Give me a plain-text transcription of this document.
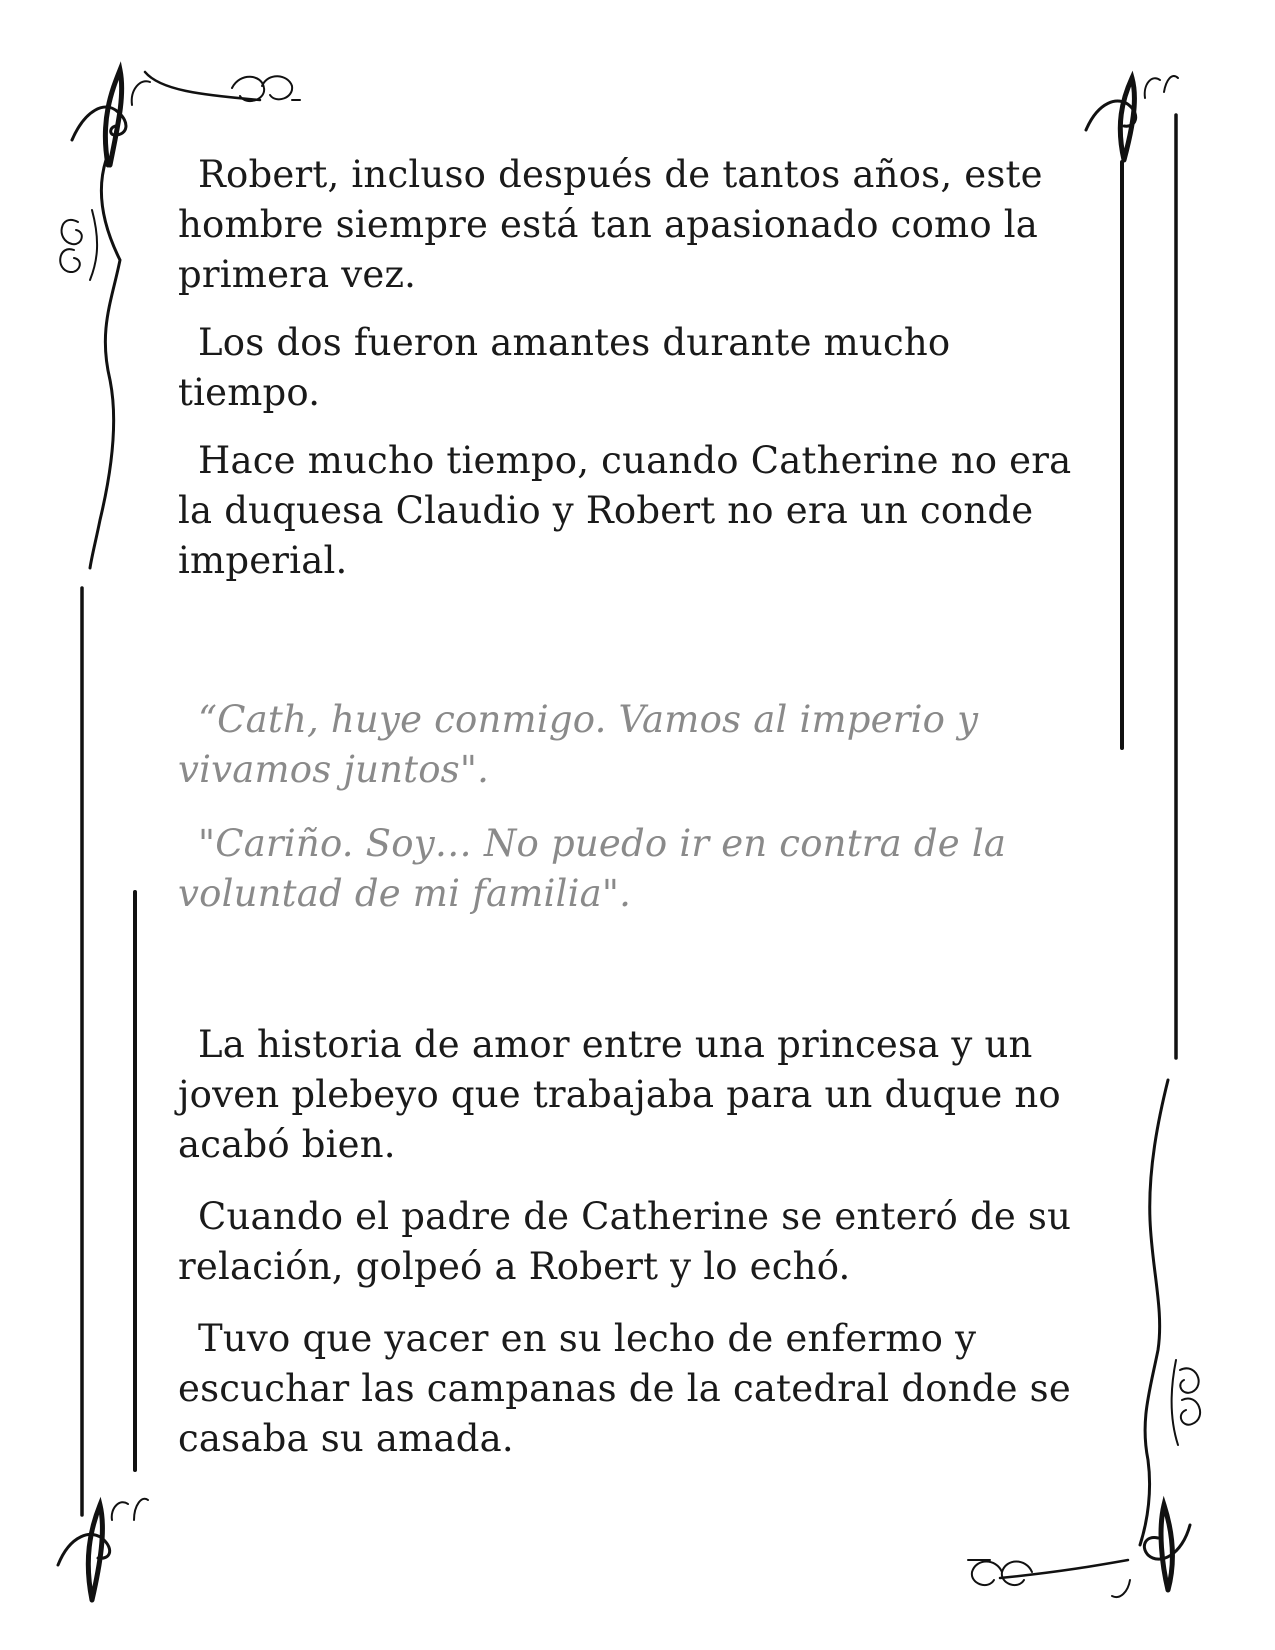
Robert, incluso después de tantos años, este hombre siempre está tan apasionado como la primera vez.

Los dos fueron amantes durante mucho tiempo.

Hace mucho tiempo, cuando Catherine no era la duquesa Claudio y Robert no era un conde imperial.

“Cath, huye conmigo. Vamos al imperio y vivamos juntos".

"Cariño. Soy… No puedo ir en contra de la voluntad de mi familia".

La historia de amor entre una princesa y un joven plebeyo que trabajaba para un duque no acabó bien.

Cuando el padre de Catherine se enteró de su relación, golpeó a Robert y lo echó.

Tuvo que yacer en su lecho de enfermo y escuchar las campanas de la catedral donde se casaba su amada.
